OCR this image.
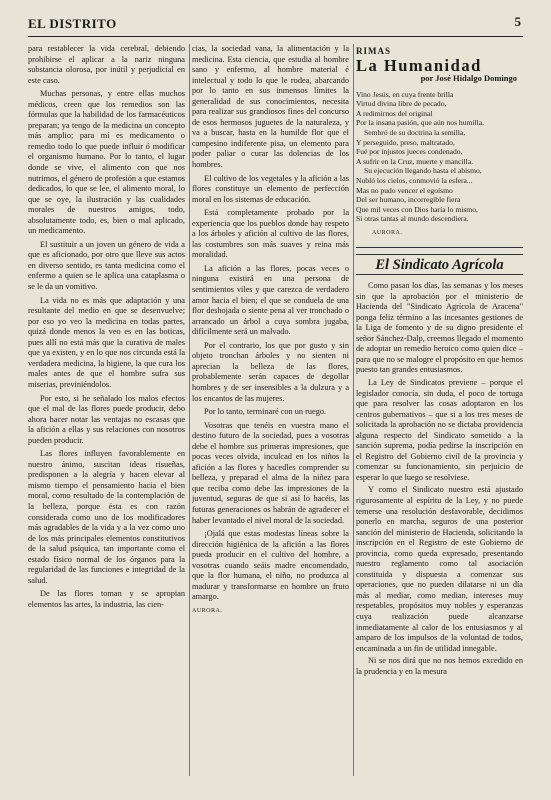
EL DISTRITO	5

para restablecer la vida cerebral, debiendo prohibirse el aplicar a la nariz ninguna substancia olorosa, por inútil y perjudicial en este caso.

Muchas personas, y entre ellas muchos médicos, creen que los remedios son las fórmulas que la habilidad de los farmacéuticos preparan; ya tengo de la medicina un concepto más amplio; para mí es medicamento o remedio todo lo que puede influir ó modificar el organismo humano. Por lo tanto, el lugar donde se vive, el alimento con que nos nutrimos, el género de profesión a que estamos dedicados, lo que se lee, el alimento moral, lo que se oye, la ilustración y las cualidades morales de nuestros amigos, todo, absolutamente todo, es, bien o mal aplicado, un medicamento.

El sustituir a un joven un género de vida a que es aficionado, por otro que lleve sus actos en diverso sentido, es tanta medicina como el enfermo a quien se le aplica una cataplasma o se le da un vomitivo.

La vida no es más que adaptación y una resultante del medio en que se desenvuelve; por eso yo veo la medicina en todas partes, quizá donde menos la veo es en las boticas, pues allí no está más que la curativa de males que ya existen, y en lo que nos circunda está la verdadera medicina, la higiene, la que cura los males antes de que el hombre sufra sus miserias, previniéndolos.

Por esto, si he señalado los malos efectos que el mal de las flores puede producir, debo ahora hacer notar las ventajas no escasas que la afición a ellas y sus relaciones con nosotros pueden producir.

Las flores influyen favorablemente en nuestro ánimo, suscitan ideas risueñas, predisponen a la alegría y hacen elevar al mismo tiempo el pensamiento hacia el bien moral, como resultado de la contemplación de la belleza, porque ésta es con razón considerada como uno de los modificadores más agradables de la vida y a la vez como uno de los más principales elementos constitutivos de la salud psíquica, tan importante como el estado físico normal de los órganos para la regularidad de las funciones e integridad de la salud.

De las flores toman y se apropian elementos las artes, la industria, las cien-

cias, la sociedad vana, la alimentación y la medicina. Esta ciencia, que estudia al hombre sano y enfermo, al hombre material é intelectual y todo lo que le rodea, abarcando por lo tanto en sus inmensos límites la generalidad de sus conocimientos, necesita para realizar sus grandiosos fines del concurso de esos hermosos juguetes de la naturaleza, y va a buscar, hasta en la humilde flor que el campesino indiferente pisa, un elemento para poder paliar o curar las dolencias de los hombres.

El cultivo de los vegetales y la afición a las flores constituye un elemento de perfección moral en los sistemas de educación.

Está completamente probado por la experiencia que los pueblos donde hay respeto a los árboles y afición al cultivo de las flores, las costumbres son más suaves y reina más moralidad.

La afición a las flores, pocas veces o ninguna existirá en una persona de sentimientos viles y que carezca de verdadero amor hacia el bien; el que se conduela de una flor deshojada o siente pena al ver tronchado o arrancado un árbol a cuya sombra jugaba, difícilmente será un malvado.

Por el contrario, los que por gusto y sin objeto tronchan árboles y no sienten ni aprecian la belleza de las flores, probablemente serán capaces de degollar hombres y de ser insensibles a la dulzura y a los encantos de las mujeres.

Por lo tanto, terminaré con un ruego.

Vosotras que tenéis en vuestra mano el destino futuro de la sociedad, pues a vosotras debe el hombre sus primeras impresiones, que pocas veces olvida, inculcad en los niños la afición a las flores y hacedles comprender su belleza, y preparad el alma de la niñez para que reciba como debe las impresiones de la juventud, seguras de que si así lo hacéis, las futuras generaciones os habrán de agradecer el haber levantado el nivel moral de la sociedad.

¡Ojalá que estas modestas líneas sobre la dirección higiénica de la afición a las flores pueda producir en el cultivo del hombre, a vosotras cuando seáis madre encomendado, que la flor humana, el niño, no produzca al madurar y transformarse en hombre un fruto amargo.

AURORA.

RIMAS
La Humanidad
por José Hidalgo Domingo
Vino Jesús, en cuya frente brilla
Virtud divina libre de pecado,
A redimirnos del original
Por la insana pasión, que aún nos humilla.
Sembró de su doctrina la semilla,
Y perseguido, preso, maltratado,
Fué por injustos jueces condenado,
A sufrir en la Cruz, muerte y mancilla.
Su ejecución llegando hasta el abismo,
Nubló los cielos, conmovió la esfera...
Mas no pudo vencer el egoísmo
Del ser humano, incorregible fiera
Que mil veces con Dios haría lo mismo,
Si otras tantas al mundo descendiera.
AURORA.
El Sindicato Agrícola

Como pasan los días, las semanas y los meses sin que la aprobación por el ministerio de Hacienda del "Sindicato Agrícola de Aracena" ponga feliz término a las incesantes gestiones de la Liga de fomento y de su digno presidente el señor Sánchez-Dalp, creemos llegado el momento de adoptar un remedio heroico como quien dice – para que no se malogre el propósito en que hemos puesto tan grandes entusiasmos.

La Ley de Sindicatos previene – porque el legislador conocía, sin duda, el poco de tortuga que para resolver las cosas adoptaron en los centros gubernativos – que si a los tres meses de solicitada la aprobación no se dictaba providencia alguna respecto del Sindicato sometido a la sanción suprema, podía pedirse la inscripción en el Registro del Gobierno civil de la provincia y comenzar su funcionamiento, sin perjuicio de esperar lo que luego se resolviese.

Y como el Sindicato nuestro está ajustado rigurosamente al espíritu de la Ley, y no puede temerse una resolución desfavorable, decidimos ponerlo en marcha, seguros de una posterior sanción del ministerio de Hacienda, solicitando la inscripción en el Registro de este Gobierno de provincia, como queda expresado, presentando nuestro reglamento como tal asociación constituida y dispuesta a comenzar sus operaciones, que no pueden dilatarse ni un día más al mediar, como median, intereses muy respetables, propósitos muy nobles y esperanzas cuya realización puede alcanzarse inmediatamente al calor de los entusiasmos y al amparo de los impulsos de la voluntad de todos, encaminada a un fin de utilidad innegable.

Ni se nos dirá que no nos hemos excedido en la prudencia y en la mesura
